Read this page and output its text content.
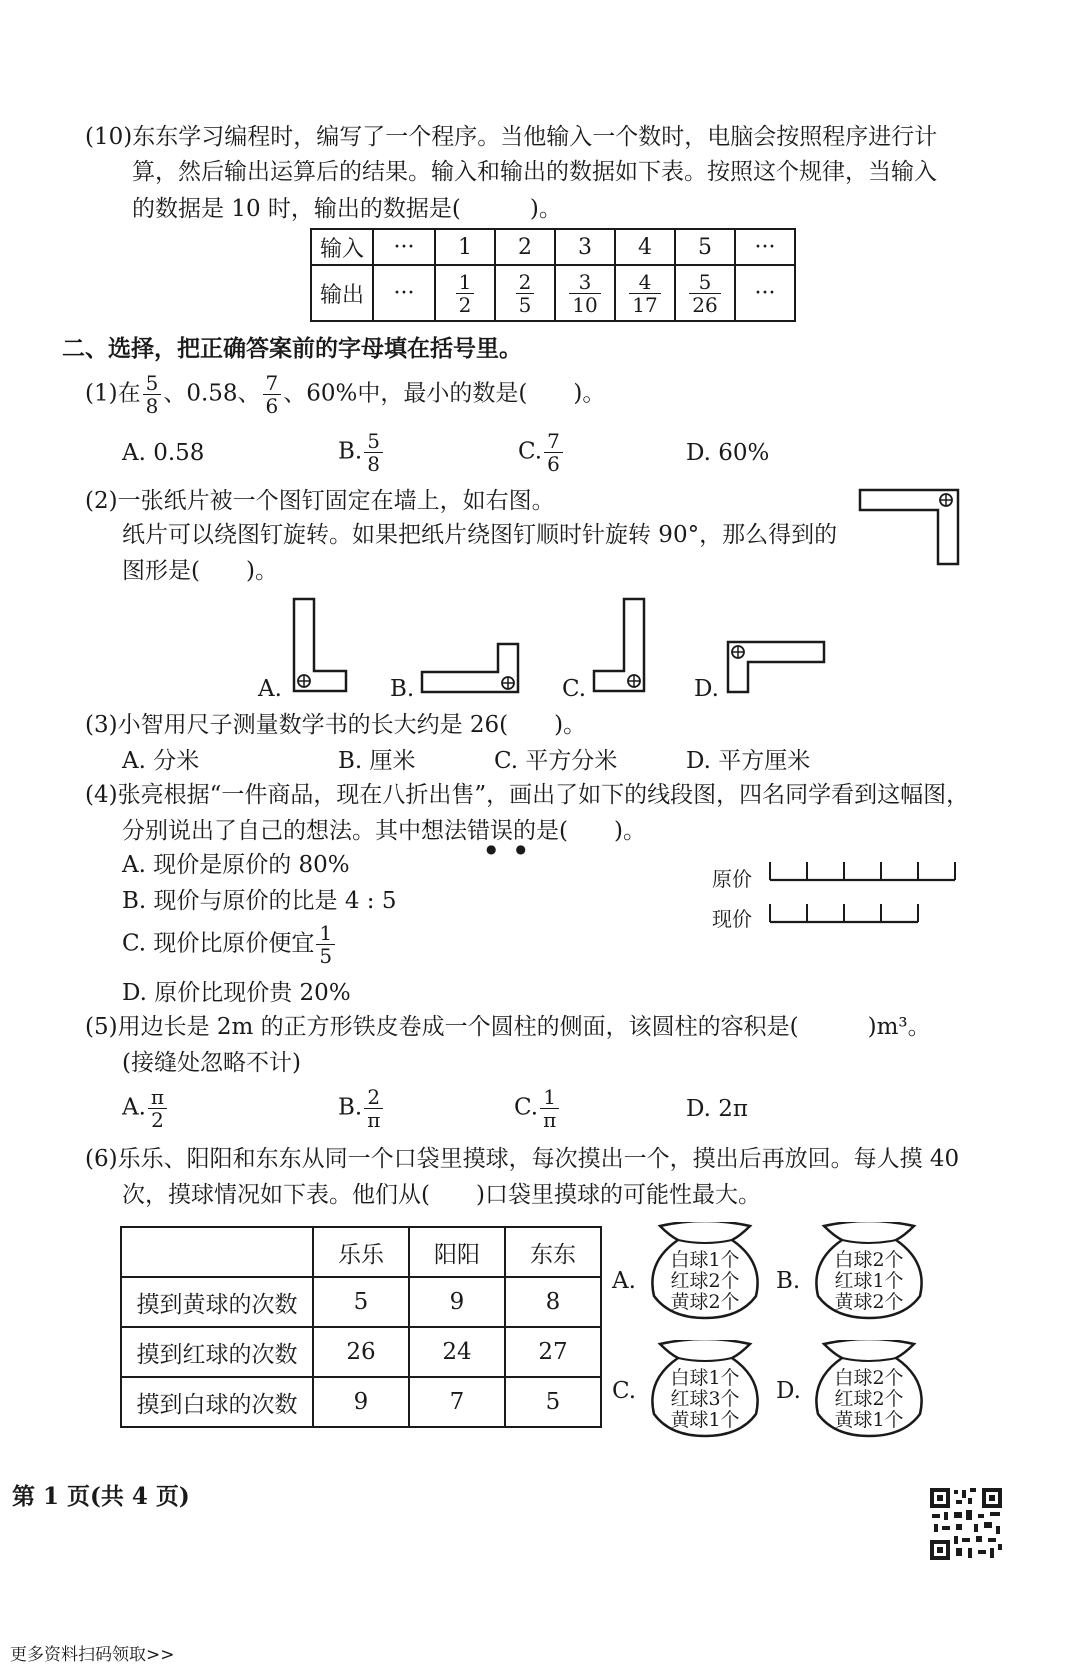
(10)东东学习编程时，编写了一个程序。当他输入一个数时，电脑会按照程序进行计
算，然后输出运算后的结果。输入和输出的数据如下表。按照这个规律，当输入
的数据是 10 时，输出的数据是(　　　)。
输入	···	1	2	3	4	5	···
输出	···	$\frac{1}{2}$	$\frac{2}{5}$	$\frac{3}{10}$	$\frac{4}{17}$	$\frac{5}{26}$	···
二、选择，把正确答案前的字母填在括号里。
(1)在 $\frac{5}{8}$ 、0.58、 $\frac{7}{6}$ 、60%中，最小的数是(　　)。
A. 0.58	B. $\frac{5}{8}$	C. $\frac{7}{6}$	D. 60%
(2)一张纸片被一个图钉固定在墙上，如右图。
纸片可以绕图钉旋转。如果把纸片绕图钉顺时针旋转 90°，那么得到的
图形是(　　)。
A.	B.	C.	D.
(3)小智用尺子测量数学书的长大约是 26(　　)。
A. 分米	B. 厘米	C. 平方分米	D. 平方厘米
(4)张亮根据“一件商品，现在八折出售”，画出了如下的线段图，四名同学看到这幅图，
分别说出了自己的想法。其中想法错误的是(　　)。
●     ●
A. 现价是原价的 80%
B. 现价与原价的比是 4 : 5
C. 现价比原价便宜 $\frac{1}{5}$
D. 原价比现价贵 20%
原价
现价
(5)用边长是 2m 的正方形铁皮卷成一个圆柱的侧面，该圆柱的容积是(　　　)m³。
(接缝处忽略不计)
A. $\frac{\pi}{2}$	B. $\frac{2}{\pi}$	C. $\frac{1}{\pi}$	D. 2π
(6)乐乐、阳阳和东东从同一个口袋里摸球，每次摸出一个，摸出后再放回。每人摸 40
次，摸球情况如下表。他们从(　　)口袋里摸球的可能性最大。
	乐乐	阳阳	东东
摸到黄球的次数	5	9	8
摸到红球的次数	26	24	27
摸到白球的次数	9	7	5
A.	B.
C.	D.
白球1个
红球2个
黄球2个
白球2个
红球1个
黄球2个
白球1个
红球3个
黄球1个
白球2个
红球2个
黄球1个
第 1 页(共 4 页)
更多资料扫码领取>>
